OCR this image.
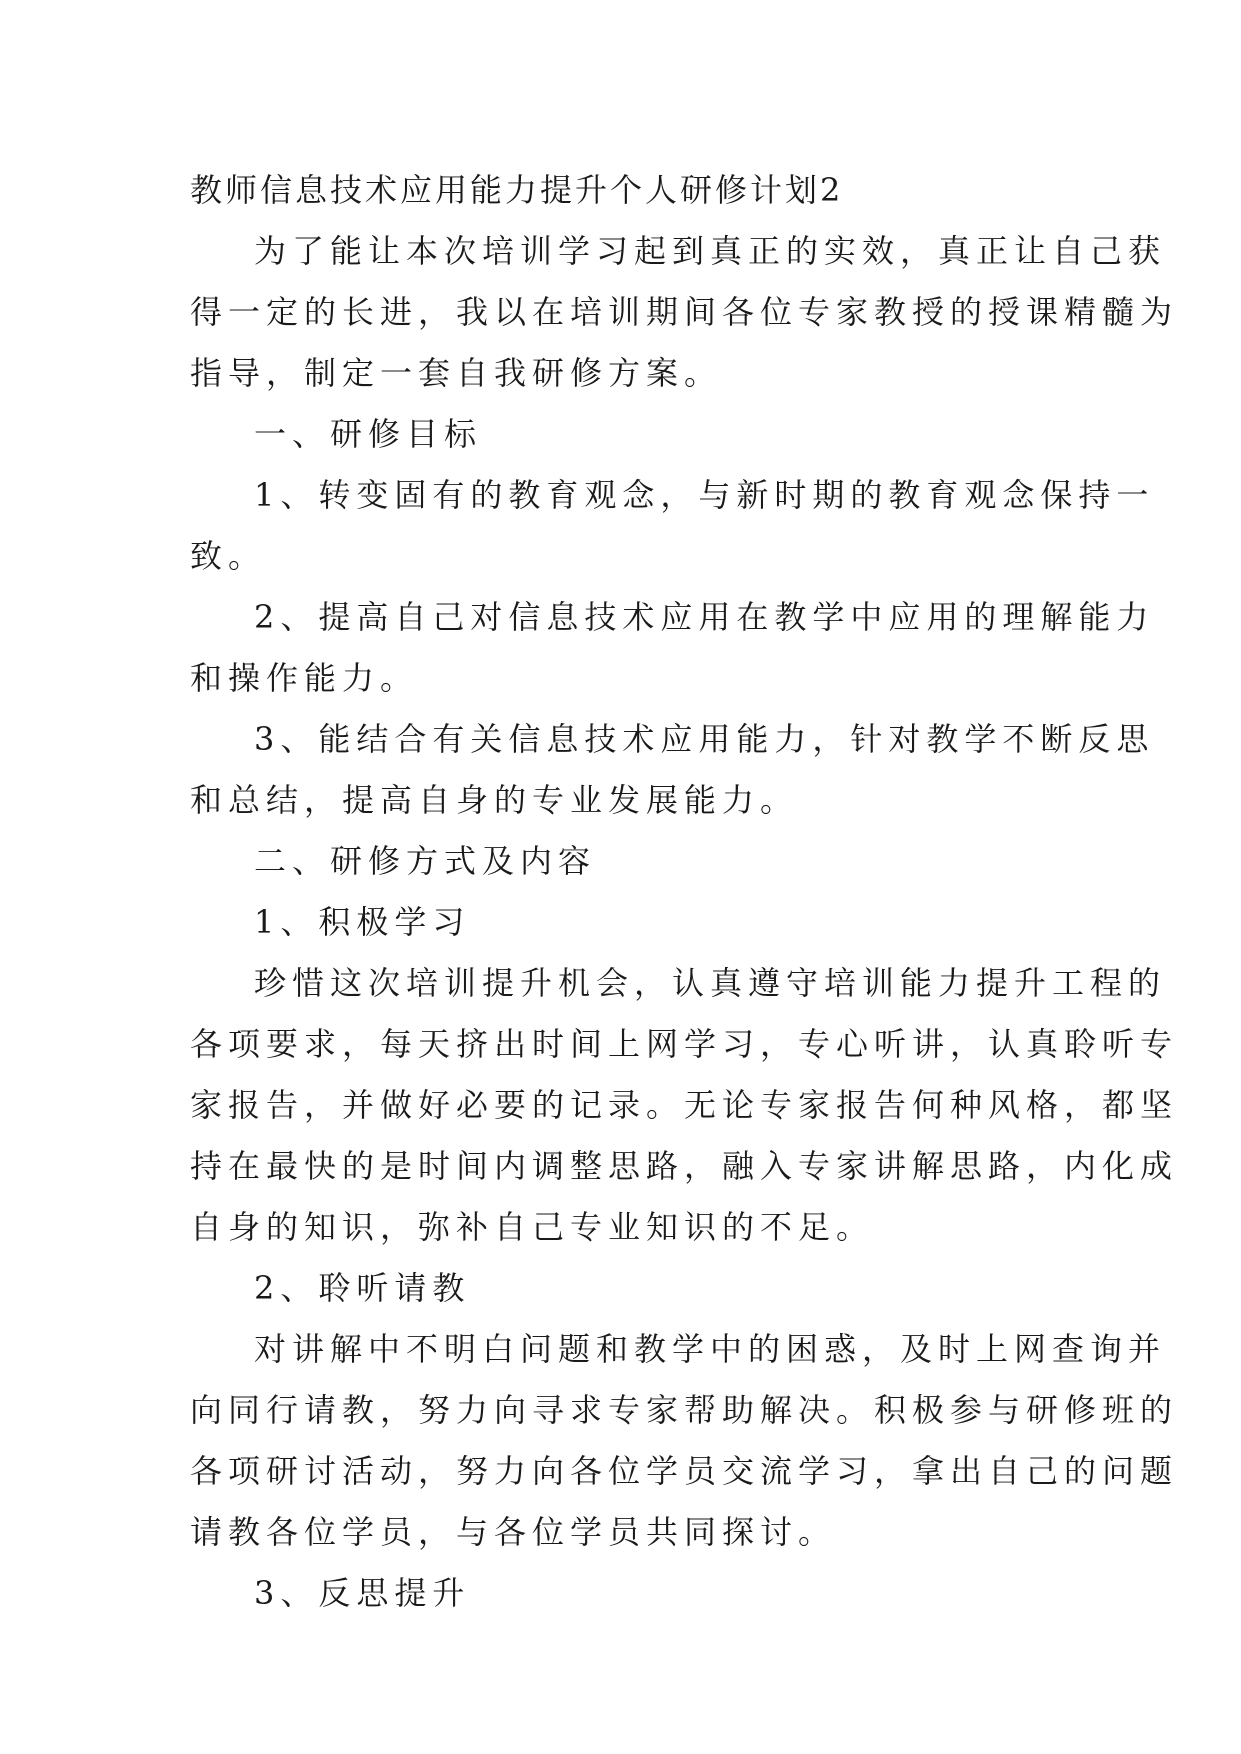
教师信息技术应用能力提升个人研修计划2
为了能让本次培训学习起到真正的实效，真正让自己获
得一定的长进，我以在培训期间各位专家教授的授课精髓为
指导，制定一套自我研修方案。
一、研修目标
1、转变固有的教育观念，与新时期的教育观念保持一
致。
2、提高自己对信息技术应用在教学中应用的理解能力
和操作能力。
3、能结合有关信息技术应用能力，针对教学不断反思
和总结，提高自身的专业发展能力。
二、研修方式及内容
1、积极学习
珍惜这次培训提升机会，认真遵守培训能力提升工程的
各项要求，每天挤出时间上网学习，专心听讲，认真聆听专
家报告，并做好必要的记录。无论专家报告何种风格，都坚
持在最快的是时间内调整思路，融入专家讲解思路，内化成
自身的知识，弥补自己专业知识的不足。
2、聆听请教
对讲解中不明白问题和教学中的困惑，及时上网查询并
向同行请教，努力向寻求专家帮助解决。积极参与研修班的
各项研讨活动，努力向各位学员交流学习，拿出自己的问题
请教各位学员，与各位学员共同探讨。
3、反思提升
